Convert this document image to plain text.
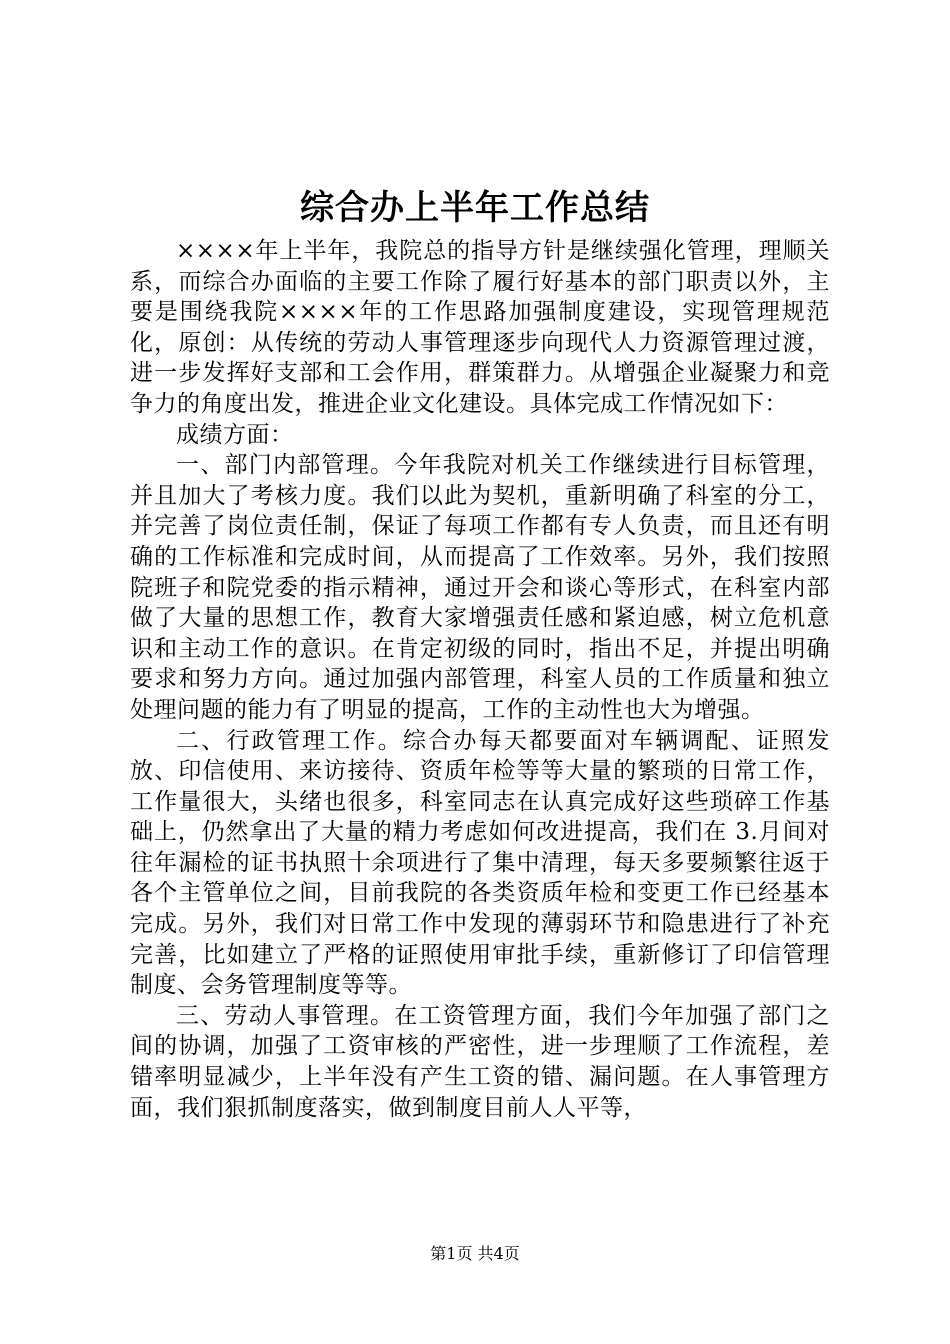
综合办上半年工作总结

××××年上半年，我院总的指导方针是继续强化管理，理顺关系，而综合办面临的主要工作除了履行好基本的部门职责以外，主要是围绕我院××××年的工作思路加强制度建设，实现管理规范化，原创：从传统的劳动人事管理逐步向现代人力资源管理过渡，进一步发挥好支部和工会作用，群策群力。从增强企业凝聚力和竞争力的角度出发，推进企业文化建设。具体完成工作情况如下：

成绩方面：

一、部门内部管理。今年我院对机关工作继续进行目标管理，并且加大了考核力度。我们以此为契机，重新明确了科室的分工，并完善了岗位责任制，保证了每项工作都有专人负责，而且还有明确的工作标准和完成时间，从而提高了工作效率。另外，我们按照院班子和院党委的指示精神，通过开会和谈心等形式，在科室内部做了大量的思想工作，教育大家增强责任感和紧迫感，树立危机意识和主动工作的意识。在肯定初级的同时，指出不足，并提出明确要求和努力方向。通过加强内部管理，科室人员的工作质量和独立处理问题的能力有了明显的提高，工作的主动性也大为增强。

二、行政管理工作。综合办每天都要面对车辆调配、证照发放、印信使用、来访接待、资质年检等等大量的繁琐的日常工作，工作量很大，头绪也很多，科室同志在认真完成好这些琐碎工作基础上，仍然拿出了大量的精力考虑如何改进提高，我们在 3.月间对往年漏检的证书执照十余项进行了集中清理，每天多要频繁往返于各个主管单位之间，目前我院的各类资质年检和变更工作已经基本完成。另外，我们对日常工作中发现的薄弱环节和隐患进行了补充完善，比如建立了严格的证照使用审批手续，重新修订了印信管理制度、会务管理制度等等。

三、劳动人事管理。在工资管理方面，我们今年加强了部门之间的协调，加强了工资审核的严密性，进一步理顺了工作流程，差错率明显减少，上半年没有产生工资的错、漏问题。在人事管理方面，我们狠抓制度落实，做到制度目前人人平等，

第1页 共4页
